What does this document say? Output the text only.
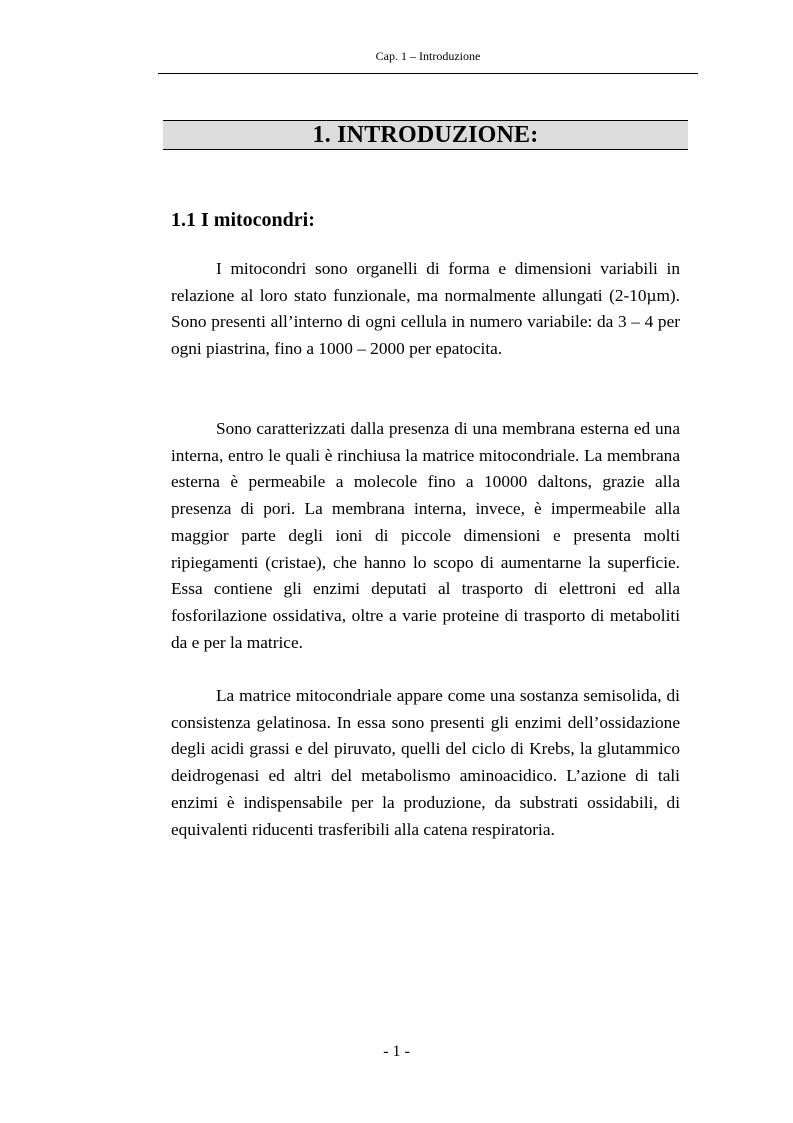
Cap. 1 – Introduzione
1. INTRODUZIONE:
1.1 I mitocondri:

I mitocondri sono organelli di forma e dimensioni variabili in relazione al loro stato funzionale, ma normalmente allungati (2-10µm). Sono presenti all’interno di ogni cellula in numero variabile: da 3 – 4 per ogni piastrina, fino a 1000 – 2000 per epatocita.

Sono caratterizzati dalla presenza di una membrana esterna ed una interna, entro le quali è rinchiusa la matrice mitocondriale. La membrana esterna è permeabile a molecole fino a 10000 daltons, grazie alla presenza di pori. La membrana interna, invece, è impermeabile alla maggior parte degli ioni di piccole dimensioni e presenta molti ripiegamenti (cristae), che hanno lo scopo di aumentarne la superficie. Essa contiene gli enzimi deputati al trasporto di elettroni ed alla fosforilazione ossidativa, oltre a varie proteine di trasporto di metaboliti da e per la matrice.

La matrice mitocondriale appare come una sostanza semisolida, di consistenza gelatinosa. In essa sono presenti gli enzimi dell’ossidazione degli acidi grassi e del piruvato, quelli del ciclo di Krebs, la glutammico deidrogenasi ed altri del metabolismo aminoacidico. L’azione di tali enzimi è indispensabile per la produzione, da substrati ossidabili, di equivalenti riducenti trasferibili alla catena respiratoria.

- 1 -
